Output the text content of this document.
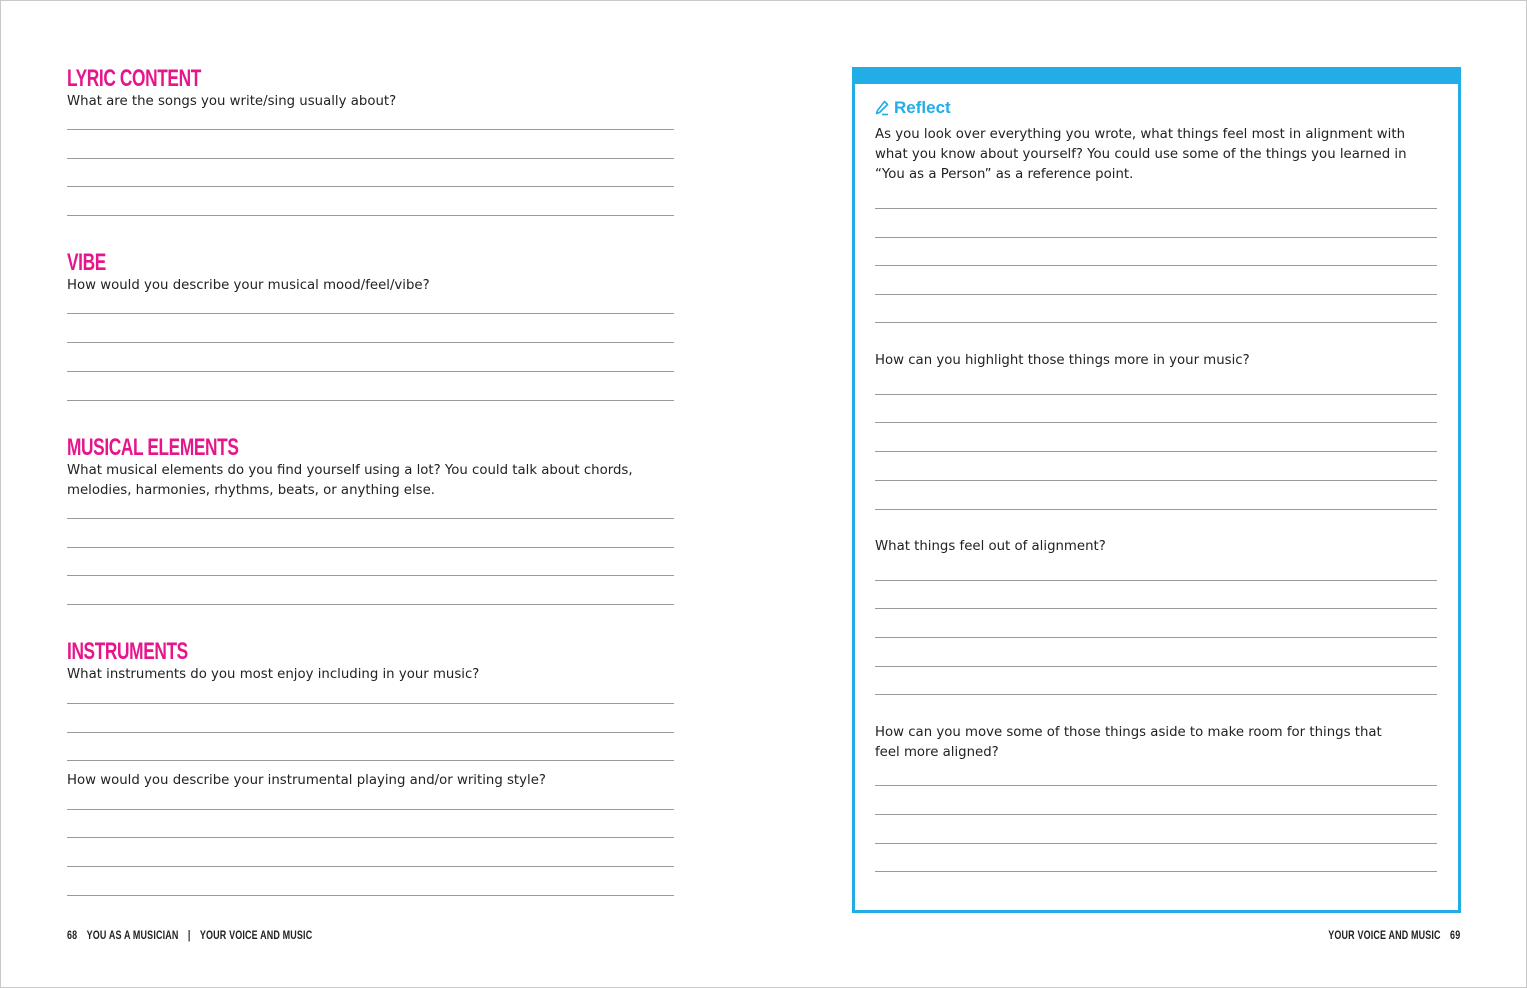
LYRIC CONTENT

What are the songs you write/sing usually about?

VIBE

How would you describe your musical mood/feel/vibe?

MUSICAL ELEMENTS

What musical elements do you find yourself using a lot? You could talk about chords, melodies, harmonies, rhythms, beats, or anything else.

INSTRUMENTS

What instruments do you most enjoy including in your music?

How would you describe your instrumental playing and/or writing style?

Reflect

As you look over everything you wrote, what things feel most in alignment with what you know about yourself? You could use some of the things you learned in “You as a Person” as a reference point.

How can you highlight those things more in your music?

What things feel out of alignment?

How can you move some of those things aside to make room for things that feel more aligned?

68 YOU AS A MUSICIAN | YOUR VOICE AND MUSIC	YOUR VOICE AND MUSIC 69
